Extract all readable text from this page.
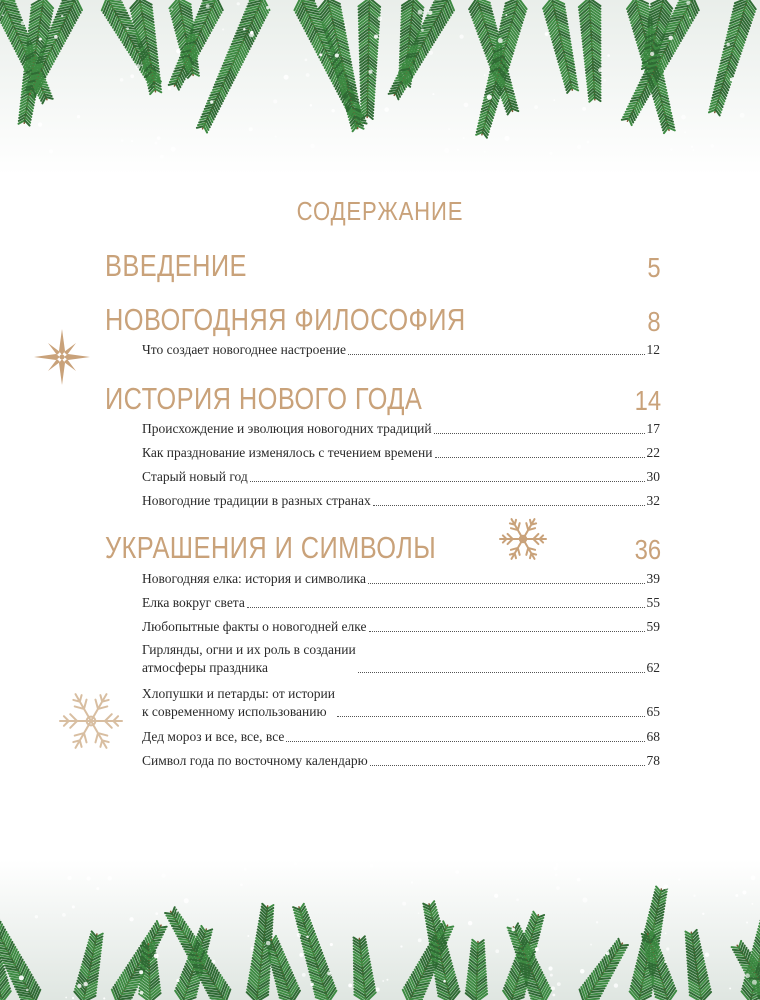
СОДЕРЖАНИЕ
ВВЕДЕНИЕ	5
НОВОГОДНЯЯ ФИЛОСОФИЯ	8
Что создает новогоднее настроение	12
ИСТОРИЯ НОВОГО ГОДА	14
Происхождение и эволюция новогодних традиций	17
Как празднование изменялось с течением времени	22
Старый новый год	30
Новогодние традиции в разных странах	32
УКРАШЕНИЯ И СИМВОЛЫ	36
Новогодняя елка: история и символика	39
Елка вокруг света	55
Любопытные факты о новогодней елке	59
Гирлянды, огни и их роль в создании
атмосферы праздника	62
Хлопушки и петарды: от истории
к современному использованию	65
Дед мороз и все, все, все	68
Символ года по восточному календарю	78
